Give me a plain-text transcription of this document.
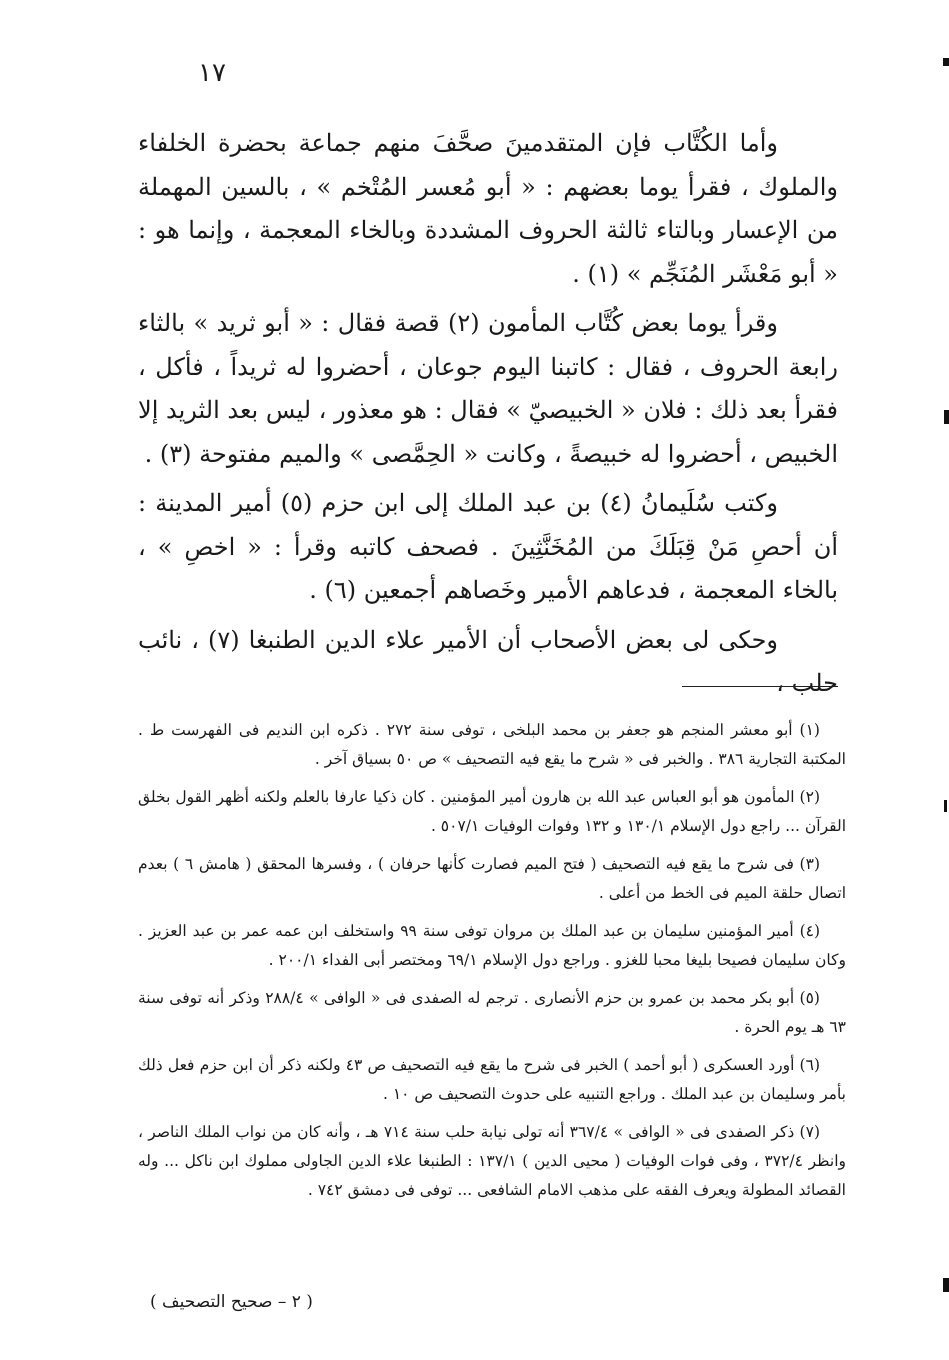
١٧

وأما الكُتَّاب فإن المتقدمينَ صحَّفَ منهم جماعة بحضرة الخلفاء والملوك ، فقرأ يوما بعضهم : « أبو مُعسر المُتْخم » ، بالسين المهملة من الإعسار وبالتاء ثالثة الحروف المشددة وبالخاء المعجمة ، وإنما هو : « أبو مَعْشَر المُنَجِّم » (١) .

وقرأ يوما بعض كُتَّاب المأمون (٢) قصة فقال : « أبو ثريد » بالثاء رابعة الحروف ، فقال : كاتبنا اليوم جوعان ، أحضروا له ثريداً ، فأكل ، فقرأ بعد ذلك : فلان « الخبيصيّ » فقال : هو معذور ، ليس بعد الثريد إلا الخبيص ، أحضروا له خبيصةً ، وكانت « الحِمَّصى » والميم مفتوحة (٣) .

وكتب سُلَيمانُ (٤) بن عبد الملك إلى ابن حزم (٥) أمير المدينة : أن أحصِ مَنْ قِبَلَكَ من المُخَنَّثِينَ . فصحف كاتبه وقرأ : « اخصِ » ، بالخاء المعجمة ، فدعاهم الأمير وخَصاهم أجمعين (٦) .

وحكى لى بعض الأصحاب أن الأمير علاء الدين الطنبغا (٧) ، نائب حلب ،

(١) أبو معشر المنجم هو جعفر بن محمد البلخى ، توفى سنة ٢٧٢ . ذكره ابن النديم فى الفهرست ط . المكتبة التجارية ٣٨٦ . والخبر فى « شرح ما يقع فيه التصحيف » ص ٥٠ بسياق آخر .

(٢) المأمون هو أبو العباس عبد الله بن هارون أمير المؤمنين . كان ذكيا عارفا بالعلم ولكنه أظهر القول بخلق القرآن ... راجع دول الإسلام ١٣٠/١ و ١٣٢ وفوات الوفيات ٥٠٧/١ .

(٣) فى شرح ما يقع فيه التصحيف ( فتح الميم فصارت كأنها حرفان ) ، وفسرها المحقق ( هامش ٦ ) بعدم اتصال حلقة الميم فى الخط من أعلى .

(٤) أمير المؤمنين سليمان بن عبد الملك بن مروان توفى سنة ٩٩ واستخلف ابن عمه عمر بن عبد العزيز . وكان سليمان فصيحا بليغا محبا للغزو . وراجع دول الإسلام ٦٩/١ ومختصر أبى الفداء ٢٠٠/١ .

(٥) أبو بكر محمد بن عمرو بن حزم الأنصارى . ترجم له الصفدى فى « الوافى » ٢٨٨/٤ وذكر أنه توفى سنة ٦٣ هـ يوم الحرة .

(٦) أورد العسكرى ( أبو أحمد ) الخبر فى شرح ما يقع فيه التصحيف ص ٤٣ ولكنه ذكر أن ابن حزم فعل ذلك بأمر وسليمان بن عبد الملك . وراجع التنبيه على حدوث التصحيف ص ١٠ .

(٧) ذكر الصفدى فى « الوافى » ٣٦٧/٤ أنه تولى نيابة حلب سنة ٧١٤ هـ ، وأنه كان من نواب الملك الناصر ، وانظر ٣٧٢/٤ ، وفى فوات الوفيات ( محيى الدين ) ١٣٧/١ : الطنبغا علاء الدين الجاولى مملوك ابن ناكل ... وله القصائد المطولة ويعرف الفقه على مذهب الامام الشافعى ... توفى فى دمشق ٧٤٢ .

( ٢ – صحيح التصحيف )
